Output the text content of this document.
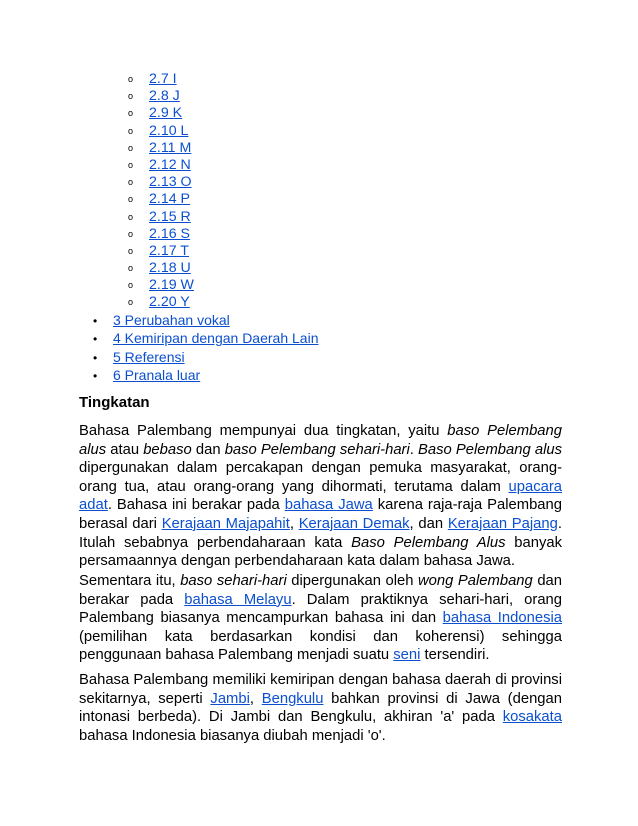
o 2.7 I
o 2.8 J
o 2.9 K
o 2.10 L
o 2.11 M
o 2.12 N
o 2.13 O
o 2.14 P
o 2.15 R
o 2.16 S
o 2.17 T
o 2.18 U
o 2.19 W
o 2.20 Y
• 3 Perubahan vokal
• 4 Kemiripan dengan Daerah Lain
• 5 Referensi
• 6 Pranala luar
Tingkatan

Bahasa Palembang mempunyai dua tingkatan, yaitu baso Pelembang alus atau bebaso dan baso Pelembang sehari-hari. Baso Pelembang alus dipergunakan dalam percakapan dengan pemuka masyarakat, orang-orang tua, atau orang-orang yang dihormati, terutama dalam upacara adat. Bahasa ini berakar pada bahasa Jawa karena raja-raja Palembang berasal dari Kerajaan Majapahit, Kerajaan Demak, dan Kerajaan Pajang. Itulah sebabnya perbendaharaan kata Baso Pelembang Alus banyak persamaannya dengan perbendaharaan kata dalam bahasa Jawa.

Sementara itu, baso sehari-hari dipergunakan oleh wong Palembang dan berakar pada bahasa Melayu. Dalam praktiknya sehari-hari, orang Palembang biasanya mencampurkan bahasa ini dan bahasa Indonesia (pemilihan kata berdasarkan kondisi dan koherensi) sehingga penggunaan bahasa Palembang menjadi suatu seni tersendiri.

Bahasa Palembang memiliki kemiripan dengan bahasa daerah di provinsi sekitarnya, seperti Jambi, Bengkulu bahkan provinsi di Jawa (dengan intonasi berbeda). Di Jambi dan Bengkulu, akhiran 'a' pada kosakata bahasa Indonesia biasanya diubah menjadi 'o'.
